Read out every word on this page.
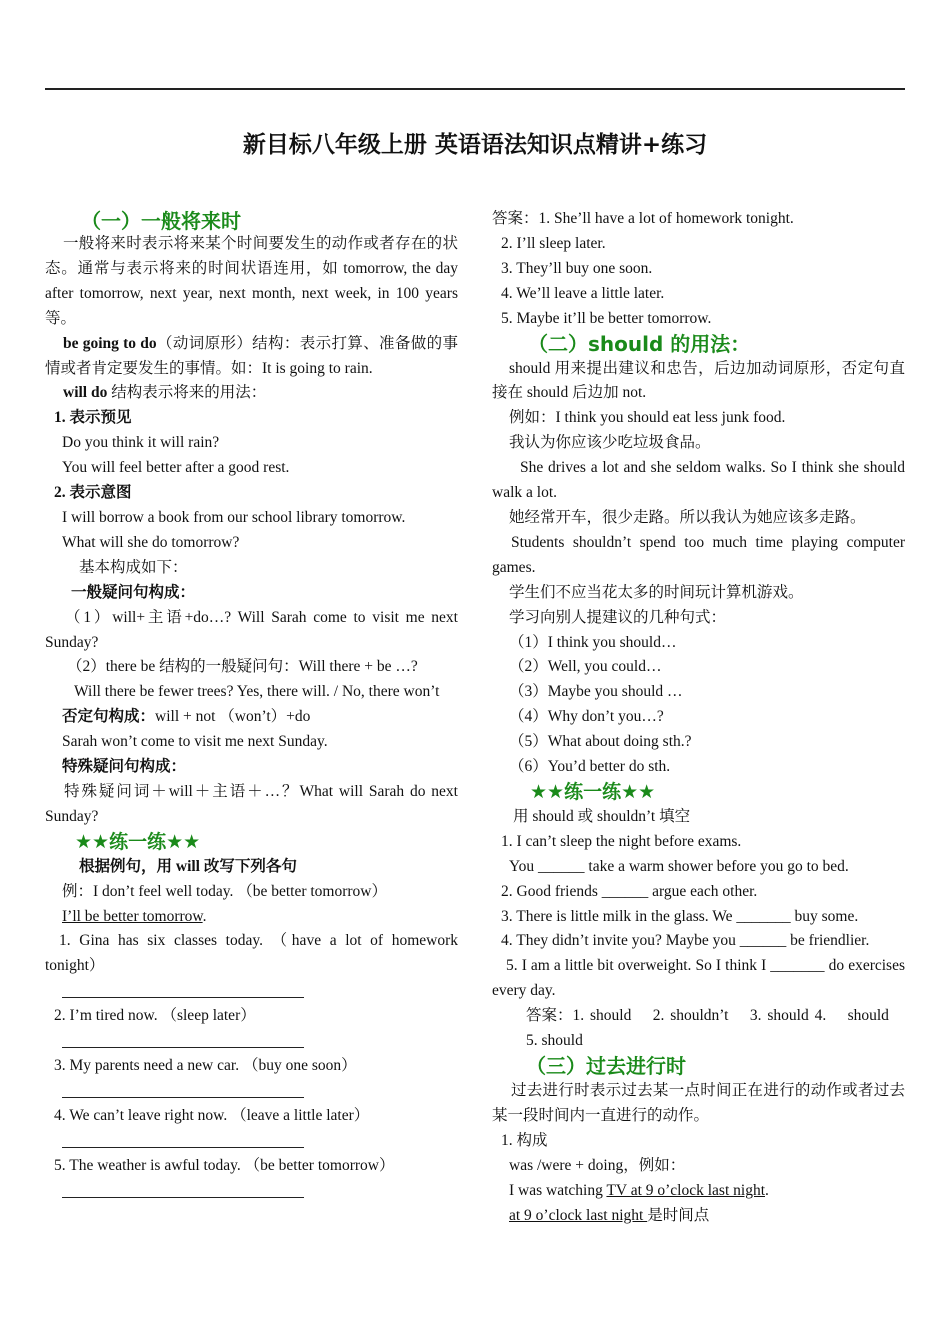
新目标八年级上册 英语语法知识点精讲+练习
（一）一般将来时
一般将来时表示将来某个时间要发生的动作或者存在的状态。通常与表示将来的时间状语连用，如 tomorrow, the day after tomorrow, next year, next month, next week, in 100 years 等。
be going to do（动词原形）结构：表示打算、准备做的事情或者肯定要发生的事情。如：It is going to rain.
will do 结构表示将来的用法：
1. 表示预见
Do you think it will rain?
You will feel better after a good rest.
2. 表示意图
I will borrow a book from our school library tomorrow.
What will she do tomorrow?
基本构成如下：
一般疑问句构成：
（1）will+主语+do…? Will Sarah come to visit me next Sunday?
（2）there be 结构的一般疑问句：Will there + be …?
Will there be fewer trees? Yes, there will. / No, there won’t
否定句构成：will + not （won’t）+do
Sarah won’t come to visit me next Sunday.
特殊疑问句构成：
特殊疑问词＋will＋主语＋…？What will Sarah do next Sunday?
★★练一练★★
根据例句，用 will 改写下列各句
例：I don’t feel well today. （be better tomorrow）
I’ll be better tomorrow.
1. Gina has six classes today. （have a lot of homework tonight）
2. I’m tired now. （sleep later）
3. My parents need a new car. （buy one soon）
4. We can’t leave right now. （leave a little later）
5. The weather is awful today. （be better tomorrow）
答案：1. She’ll have a lot of homework tonight.
2. I’ll sleep later.
3. They’ll buy one soon.
4. We’ll leave a little later.
5. Maybe it’ll be better tomorrow.
（二）should 的用法：
should 用来提出建议和忠告，后边加动词原形，否定句直接在 should 后边加 not.
例如：I think you should eat less junk food.
我认为你应该少吃垃圾食品。
She drives a lot and she seldom walks. So I think she should walk a lot.
她经常开车，很少走路。所以我认为她应该多走路。
Students shouldn’t spend too much time playing computer games.
学生们不应当花太多的时间玩计算机游戏。
学习向别人提建议的几种句式：
（1）I think you should…
（2）Well, you could…
（3）Maybe you should …
（4）Why don’t you…?
（5）What about doing sth.?
（6）You’d better do sth.
★★练一练★★
用 should 或 shouldn’t 填空
1. I can’t sleep the night before exams.
You ______ take a warm shower before you go to bed.
2. Good friends ______ argue each other.
3. There is little milk in the glass. We _______ buy some.
4. They didn’t invite you? Maybe you ______ be friendlier.
5. I am a little bit overweight. So I think I _______ do exercises every day.
答案：1. should　 2. shouldn’t　 3. should 4.　 should
5. should
（三）过去进行时
过去进行时表示过去某一点时间正在进行的动作或者过去某一段时间内一直进行的动作。
1. 构成
was /were + doing，例如：
I was watching TV at 9 o’clock last night.
at 9 o’clock last night 是时间点
